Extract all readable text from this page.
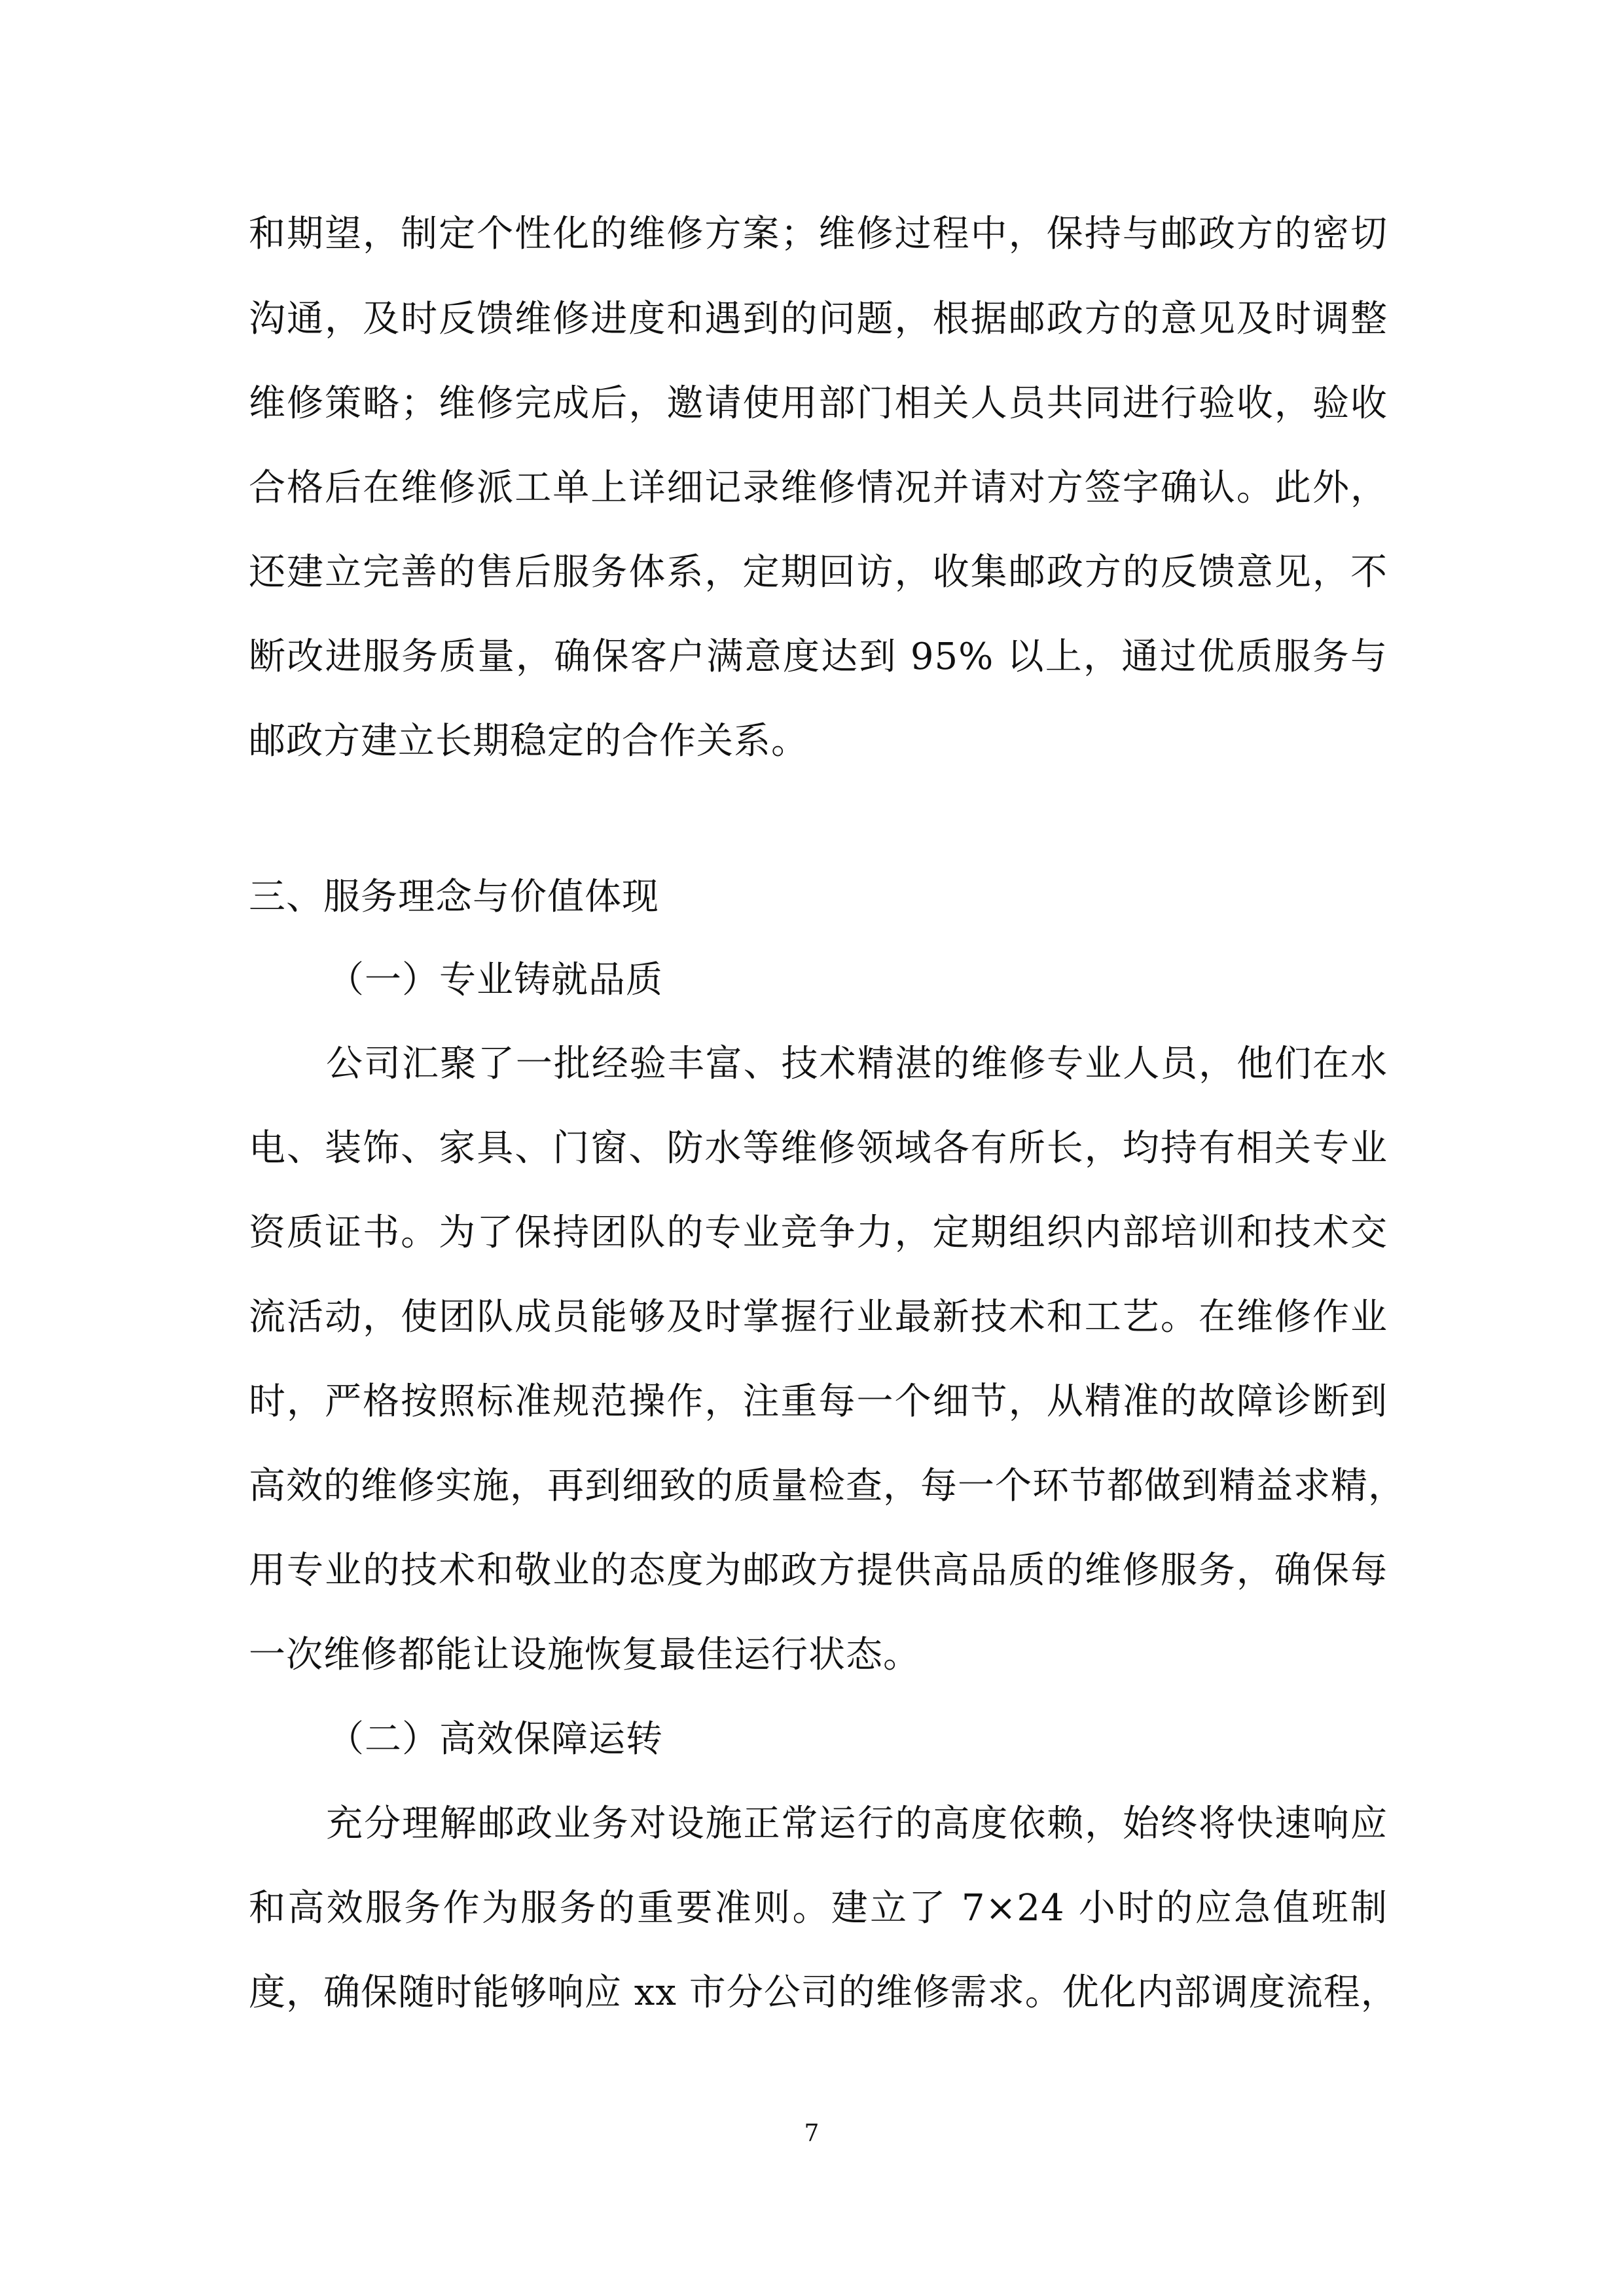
和期望，制定个性化的维修方案；维修过程中，保持与邮政方的密切
沟通，及时反馈维修进度和遇到的问题，根据邮政方的意见及时调整
维修策略；维修完成后，邀请使用部门相关人员共同进行验收，验收
合格后在维修派工单上详细记录维修情况并请对方签字确认。此外，
还建立完善的售后服务体系，定期回访，收集邮政方的反馈意见，不
断改进服务质量，确保客户满意度达到 95% 以上，通过优质服务与
邮政方建立长期稳定的合作关系。
三、服务理念与价值体现
（一）专业铸就品质
公司汇聚了一批经验丰富、技术精湛的维修专业人员，他们在水
电、装饰、家具、门窗、防水等维修领域各有所长，均持有相关专业
资质证书。为了保持团队的专业竞争力，定期组织内部培训和技术交
流活动，使团队成员能够及时掌握行业最新技术和工艺。在维修作业
时，严格按照标准规范操作，注重每一个细节，从精准的故障诊断到
高效的维修实施，再到细致的质量检查，每一个环节都做到精益求精，
用专业的技术和敬业的态度为邮政方提供高品质的维修服务，确保每
一次维修都能让设施恢复最佳运行状态。
（二）高效保障运转
充分理解邮政业务对设施正常运行的高度依赖，始终将快速响应
和高效服务作为服务的重要准则。建立了 7×24 小时的应急值班制
度，确保随时能够响应 xx 市分公司的维修需求。优化内部调度流程，
7
